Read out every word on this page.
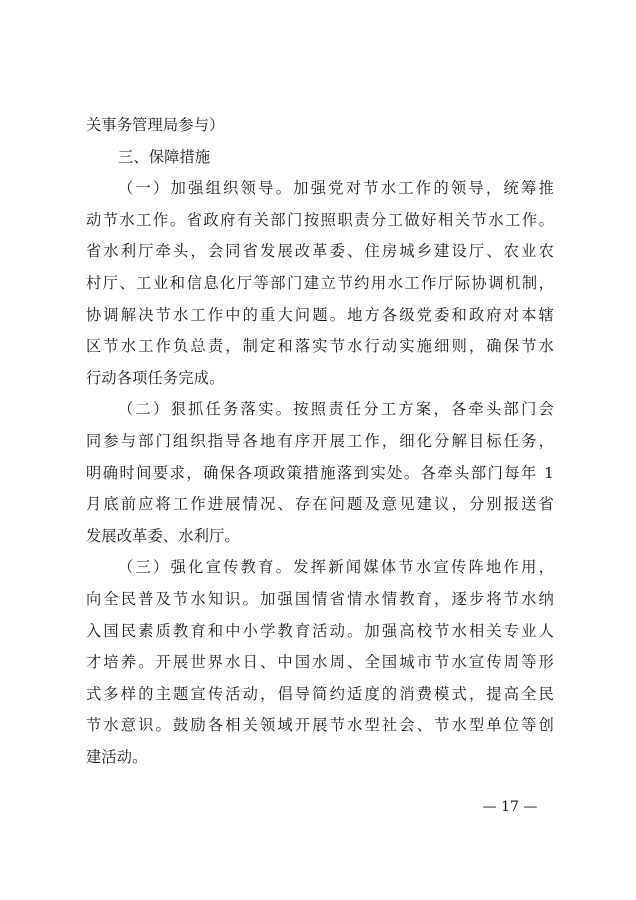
关事务管理局参与）
三、保障措施
（一）加强组织领导。加强党对节水工作的领导，统筹推
动节水工作。省政府有关部门按照职责分工做好相关节水工作。
省水利厅牵头，会同省发展改革委、住房城乡建设厅、农业农
村厅、工业和信息化厅等部门建立节约用水工作厅际协调机制，
协调解决节水工作中的重大问题。地方各级党委和政府对本辖
区节水工作负总责，制定和落实节水行动实施细则，确保节水
行动各项任务完成。
（二）狠抓任务落实。按照责任分工方案，各牵头部门会
同参与部门组织指导各地有序开展工作，细化分解目标任务，
明确时间要求，确保各项政策措施落到实处。各牵头部门每年 1
月底前应将工作进展情况、存在问题及意见建议，分别报送省
发展改革委、水利厅。
（三）强化宣传教育。发挥新闻媒体节水宣传阵地作用，
向全民普及节水知识。加强国情省情水情教育，逐步将节水纳
入国民素质教育和中小学教育活动。加强高校节水相关专业人
才培养。开展世界水日、中国水周、全国城市节水宣传周等形
式多样的主题宣传活动，倡导简约适度的消费模式，提高全民
节水意识。鼓励各相关领域开展节水型社会、节水型单位等创
建活动。
— 17 —
